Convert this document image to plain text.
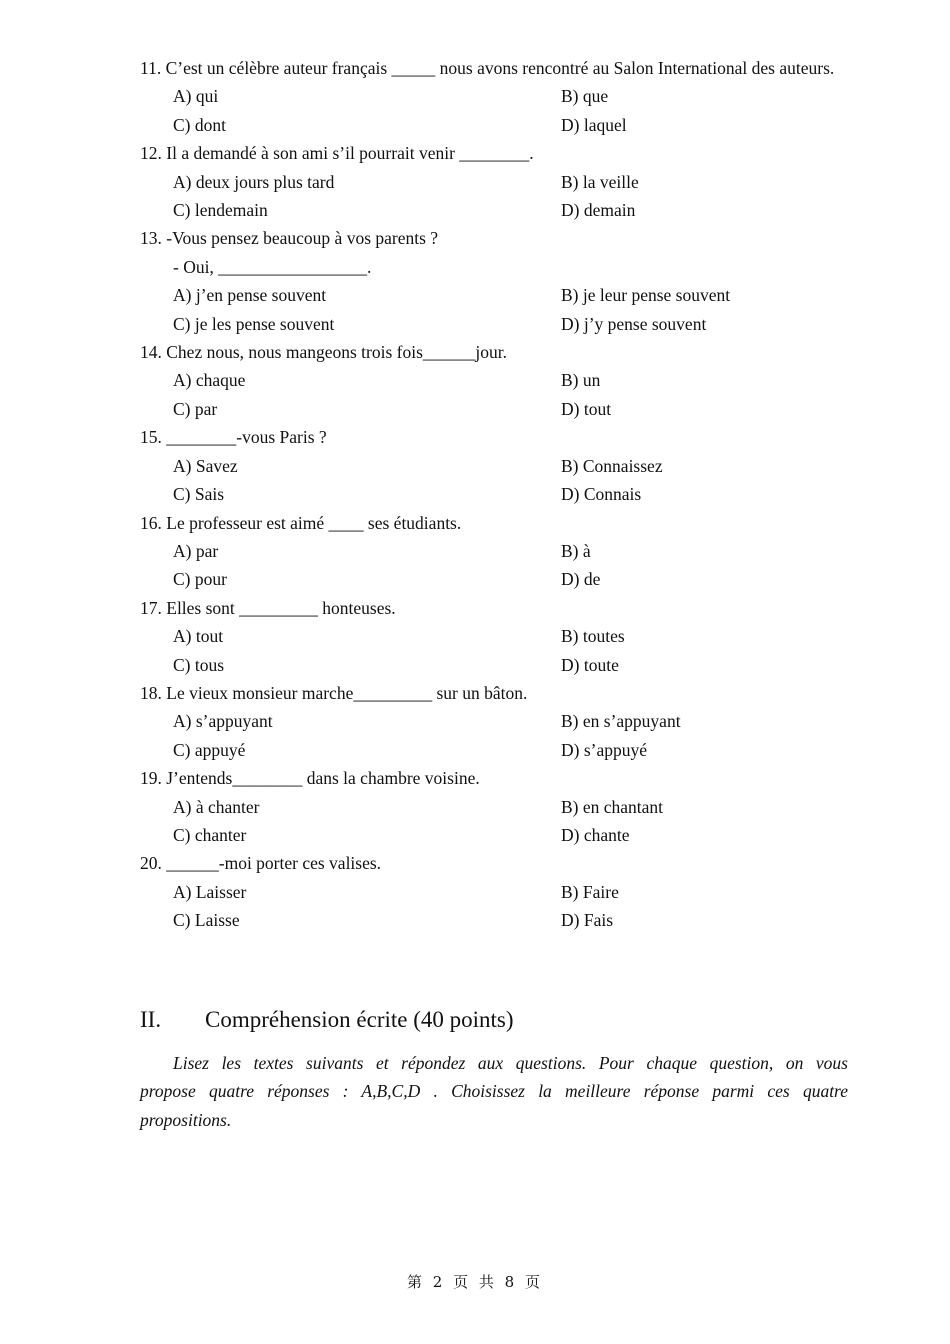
11. C’est un célèbre auteur français _____ nous avons rencontré au Salon International des auteurs.

A) qui	B) que
C) dont	D) laquel

12. Il a demandé à son ami s’il pourrait venir ________.

A) deux jours plus tard	B) la veille
C) lendemain	D) demain

13. -Vous pensez beaucoup à vos parents ?

- Oui, _________________.

A) j’en pense souvent	B) je leur pense souvent
C) je les pense souvent	D) j’y pense souvent

14. Chez nous, nous mangeons trois fois______jour.

A) chaque	B) un
C) par	D) tout

15. ________-vous Paris ?

A) Savez	B) Connaissez
C) Sais	D) Connais

16. Le professeur est aimé ____ ses étudiants.

A) par	B) à
C) pour	D) de

17. Elles sont _________ honteuses.

A) tout	B) toutes
C) tous	D) toute

18. Le vieux monsieur marche_________ sur un bâton.

A) s’appuyant	B) en s’appuyant
C) appuyé	D) s’appuyé

19. J’entends________ dans la chambre voisine.

A) à chanter	B) en chantant
C) chanter	D) chante

20. ______-moi porter ces valises.

A) Laisser	B) Faire
C) Laisse	D) Fais
II. Compréhension écrite (40 points)

Lisez les textes suivants et répondez aux questions. Pour chaque question, on vous propose quatre réponses : A,B,C,D . Choisissez la meilleure réponse parmi ces quatre propositions.

第 2 页 共 8 页
